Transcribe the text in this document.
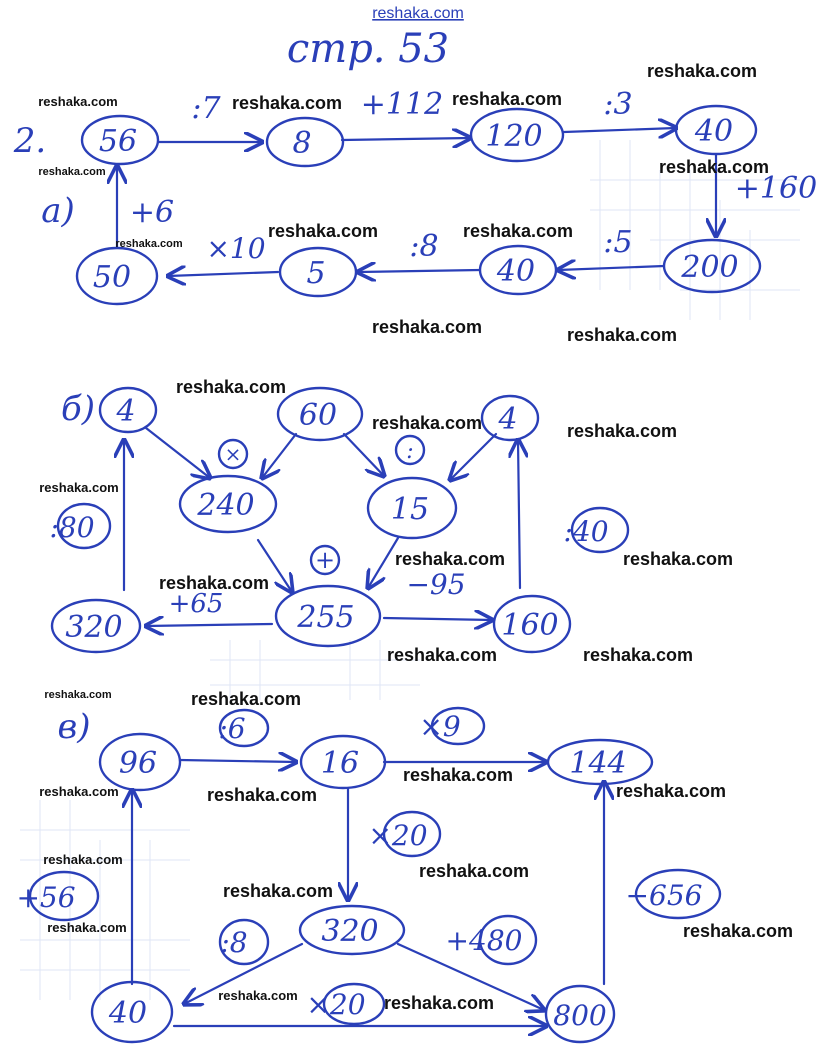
reshaka.com
стр. 53
2.
а)
56	8	120	40
200
40
5
50
:7	+112	:3
+160
:5
:8
×10
+6
б) 4	60	4
240	15
255
320	160
×	:
+
−95
+65
:80	:40
в)
96	16	144
320
40	800
:6	×9
×20
+56
:8	+480
−656
×20
reshaka.com
reshaka.com	reshaka.com	reshaka.com
reshaka.com
reshaka.com
reshaka.com
reshaka.com	reshaka.com
reshaka.com	reshaka.com
reshaka.com
reshaka.com	reshaka.com
reshaka.com
reshaka.com	reshaka.com
reshaka.com
reshaka.com	reshaka.com
reshaka.com	reshaka.com
reshaka.com
reshaka.com
reshaka.com	reshaka.com
reshaka.com
reshaka.com
reshaka.com
reshaka.com	reshaka.com
reshaka.com	reshaka.com
